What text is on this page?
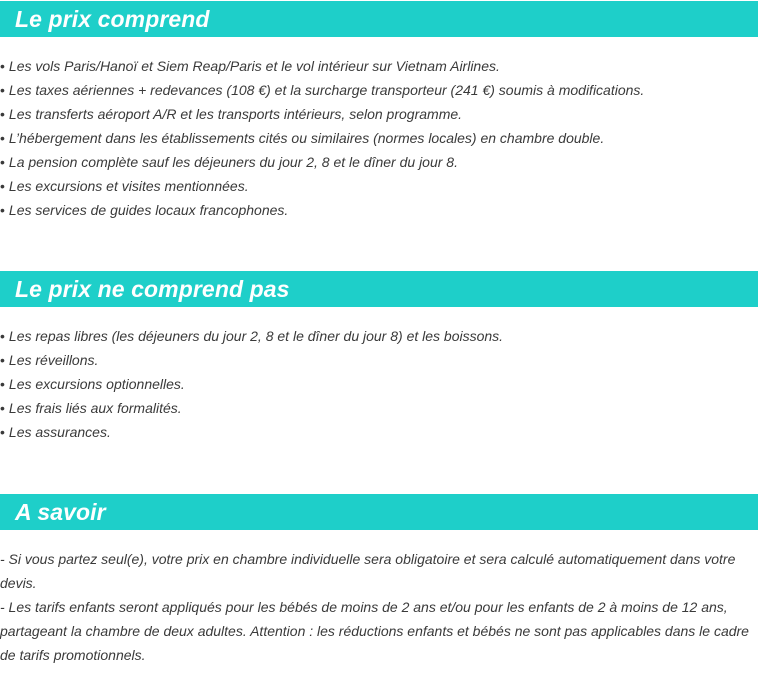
Le prix comprend
• Les vols Paris/Hanoï et Siem Reap/Paris et le vol intérieur sur Vietnam Airlines.
• Les taxes aériennes + redevances (108 €) et la surcharge transporteur (241 €) soumis à modifications.
• Les transferts aéroport A/R et les transports intérieurs, selon programme.
• L’hébergement dans les établissements cités ou similaires (normes locales) en chambre double.
• La pension complète sauf les déjeuners du jour 2, 8 et le dîner du jour 8.
• Les excursions et visites mentionnées.
• Les services de guides locaux francophones.
Le prix ne comprend pas
• Les repas libres (les déjeuners du jour 2, 8 et le dîner du jour 8) et les boissons.
• Les réveillons.
• Les excursions optionnelles.
• Les frais liés aux formalités.
• Les assurances.
A savoir

- Si vous partez seul(e), votre prix en chambre individuelle sera obligatoire et sera calculé automatiquement dans votre devis.

- Les tarifs enfants seront appliqués pour les bébés de moins de 2 ans et/ou pour les enfants de 2 à moins de 12 ans, partageant la chambre de deux adultes. Attention : les réductions enfants et bébés ne sont pas applicables dans le cadre de tarifs promotionnels.
